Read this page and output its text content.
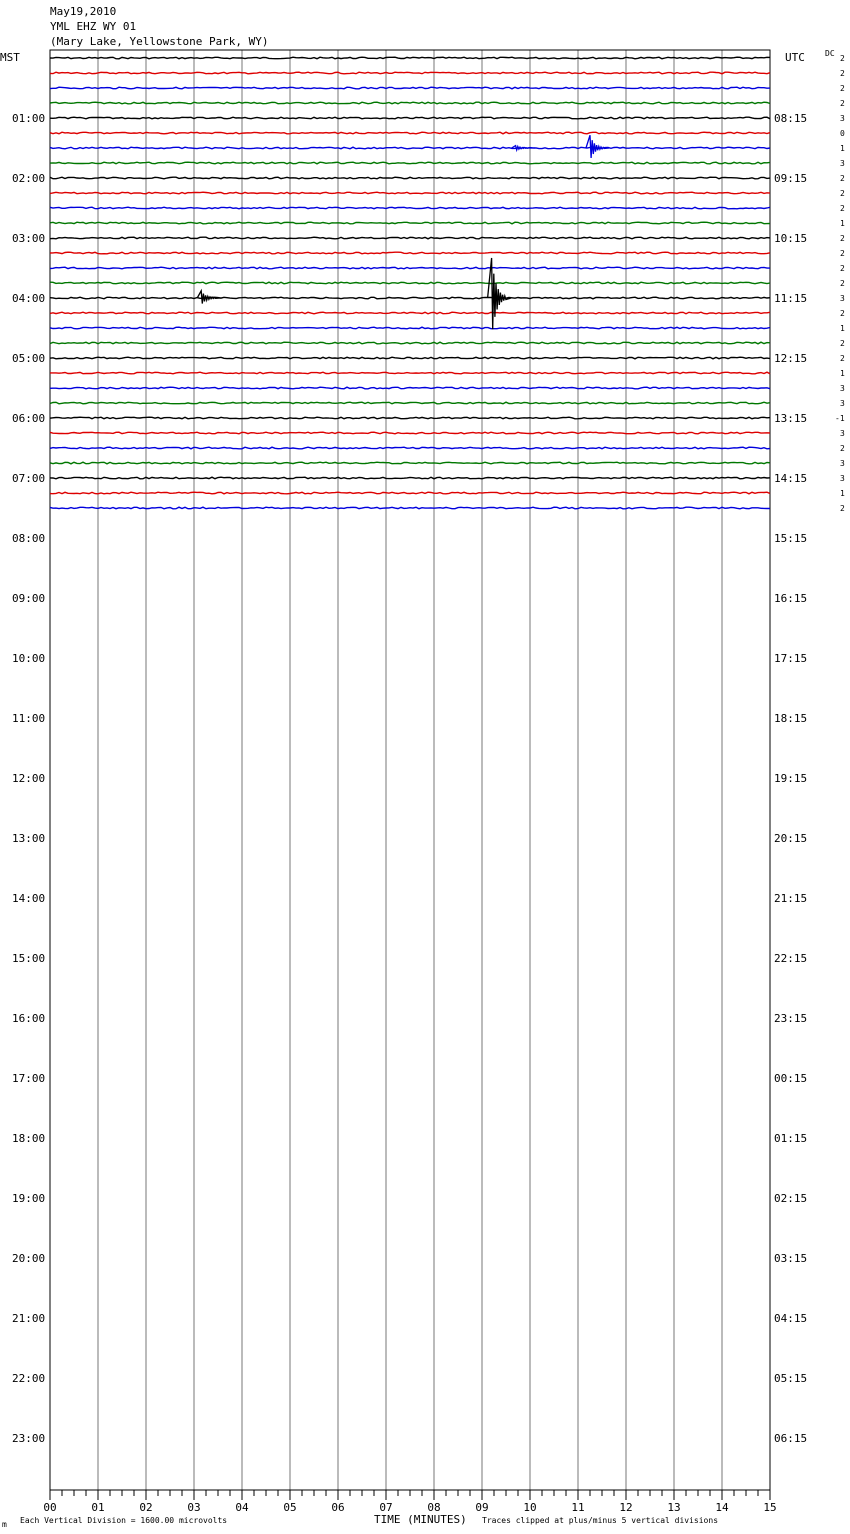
May19,2010
YML EHZ WY 01
(Mary Lake, Yellowstone Park, WY)
01:00
02:00
03:00
04:00
05:00
06:00
07:00
08:00
09:00
10:00
11:00
12:00
13:00
14:00
15:00
16:00
17:00
18:00
19:00
20:00
21:00
22:00
23:00
08:15
09:15
10:15
11:15
12:15
13:15
14:15
15:15
16:15
17:15
18:15
19:15
20:15
21:15
22:15
23:15
00:15
01:15
02:15
03:15
04:15
05:15
06:15
2
2
2
2
3
0
1
3
2
2
2
1
2
2
2
2
3
2
1
2
2
1
3
3
-1
3
2
3
3
1
2
00	01	02	03	04	05	06	07	08	09	10	11	12	13	14	15
MST	UTC	DC
m Each Vertical Division = 1600.00 microvolts	TIME (MINUTES) Traces clipped at plus/minus 5 vertical divisions
